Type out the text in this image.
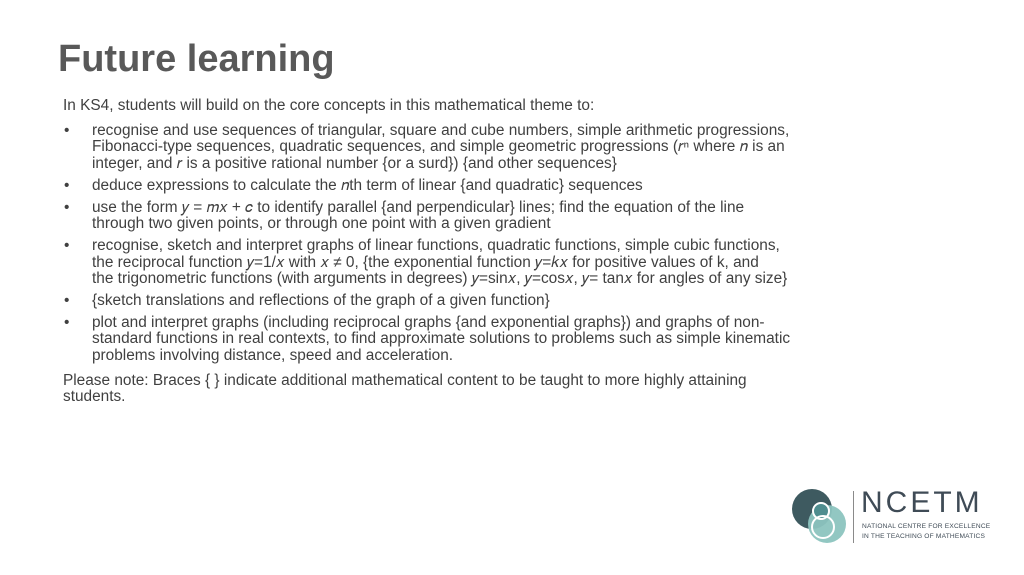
Future learning

In KS4, students will build on the core concepts in this mathematical theme to:

• recognise and use sequences of triangular, square and cube numbers, simple arithmetic progressions,
Fibonacci-type sequences, quadratic sequences, and simple geometric progressions (𝑟ⁿ where 𝑛 is an
integer, and 𝑟 is a positive rational number {or a surd}) {and other sequences}
• deduce expressions to calculate the 𝑛th term of linear {and quadratic} sequences
• use the form 𝑦 = 𝑚𝑥 + 𝑐 to identify parallel {and perpendicular} lines; find the equation of the line
through two given points, or through one point with a given gradient
• recognise, sketch and interpret graphs of linear functions, quadratic functions, simple cubic functions,
the reciprocal function 𝑦=1/𝑥 with 𝑥 ≠ 0, {the exponential function 𝑦=𝑘𝑥 for positive values of k, and
the trigonometric functions (with arguments in degrees) 𝑦=sin𝑥, 𝑦=cos𝑥, 𝑦= tan𝑥 for angles of any size}
• {sketch translations and reflections of the graph of a given function}
• plot and interpret graphs (including reciprocal graphs {and exponential graphs}) and graphs of non-
standard functions in real contexts, to find approximate solutions to problems such as simple kinematic
problems involving distance, speed and acceleration.

Please note: Braces { } indicate additional mathematical content to be taught to more highly attaining
students.

NCETM
NATIONAL CENTRE FOR EXCELLENCE
IN THE TEACHING OF MATHEMATICS
